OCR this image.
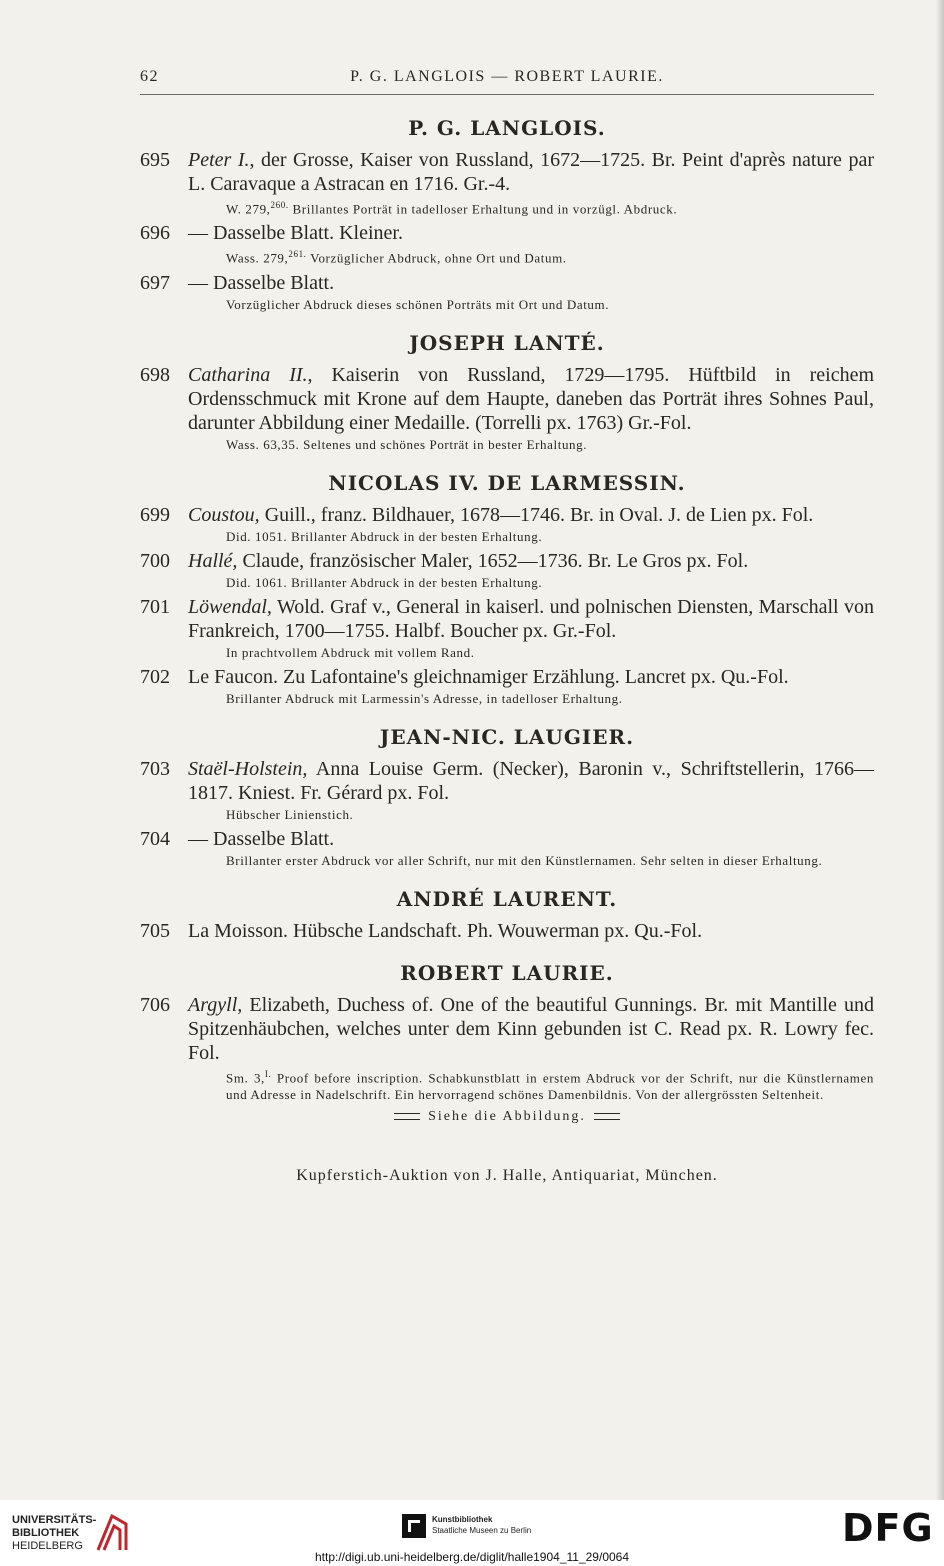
62	P. G. LANGLOIS — ROBERT LAURIE.
P. G. LANGLOIS.
695 Peter I., der Grosse, Kaiser von Russland, 1672—1725. Br. Peint d'après nature par L. Caravaque a Astracan en 1716. Gr.-4.
W. 279,$^{260.}$ Brillantes Porträt in tadelloser Erhaltung und in vorzügl. Abdruck.
696 — Dasselbe Blatt. Kleiner.
Wass. 279,$^{261.}$ Vorzüglicher Abdruck, ohne Ort und Datum.
697 — Dasselbe Blatt.
Vorzüglicher Abdruck dieses schönen Porträts mit Ort und Datum.
JOSEPH LANTÉ.
698 Catharina II., Kaiserin von Russland, 1729—1795. Hüftbild in reichem Ordensschmuck mit Krone auf dem Haupte, daneben das Porträt ihres Sohnes Paul, darunter Abbildung einer Medaille. (Torrelli px. 1763) Gr.-Fol.
Wass. 63,35. Seltenes und schönes Porträt in bester Erhaltung.
NICOLAS IV. DE LARMESSIN.
699 Coustou, Guill., franz. Bildhauer, 1678—1746. Br. in Oval. J. de Lien px. Fol.
Did. 1051. Brillanter Abdruck in der besten Erhaltung.
700 Hallé, Claude, französischer Maler, 1652—1736. Br. Le Gros px. Fol.
Did. 1061. Brillanter Abdruck in der besten Erhaltung.
701 Löwendal, Wold. Graf v., General in kaiserl. und polnischen Diensten, Marschall von Frankreich, 1700—1755. Halbf. Boucher px. Gr.-Fol.
In prachtvollem Abdruck mit vollem Rand.
702 Le Faucon. Zu Lafontaine's gleichnamiger Erzählung. Lancret px. Qu.-Fol.
Brillanter Abdruck mit Larmessin's Adresse, in tadelloser Erhaltung.
JEAN-NIC. LAUGIER.
703 Staël-Holstein, Anna Louise Germ. (Necker), Baronin v., Schriftstellerin, 1766—1817. Kniest. Fr. Gérard px. Fol.
Hübscher Linienstich.
704 — Dasselbe Blatt.
Brillanter erster Abdruck vor aller Schrift, nur mit den Künstlernamen. Sehr selten in dieser Erhaltung.
ANDRÉ LAURENT.
705 La Moisson. Hübsche Landschaft. Ph. Wouwerman px. Qu.-Fol.
ROBERT LAURIE.
706 Argyll, Elizabeth, Duchess of. One of the beautiful Gunnings. Br. mit Mantille und Spitzenhäubchen, welches unter dem Kinn gebunden ist C. Read px. R. Lowry fec. Fol.
Sm. 3,$^{I.}$ Proof before inscription. Schabkunstblatt in erstem Abdruck vor der Schrift, nur die Künstlernamen und Adresse in Nadelschrift. Ein hervorragend schönes Damenbildnis. Von der allergrössten Seltenheit.
Siehe die Abbildung.
Kupferstich-Auktion von J. Halle, Antiquariat, München.
UNIVERSITÄTS-
BIBLIOTHEK
HEIDELBERG
Kunstbibliothek
Staatliche Museen zu Berlin	DFG
http://digi.ub.uni-heidelberg.de/diglit/halle1904_11_29/0064
